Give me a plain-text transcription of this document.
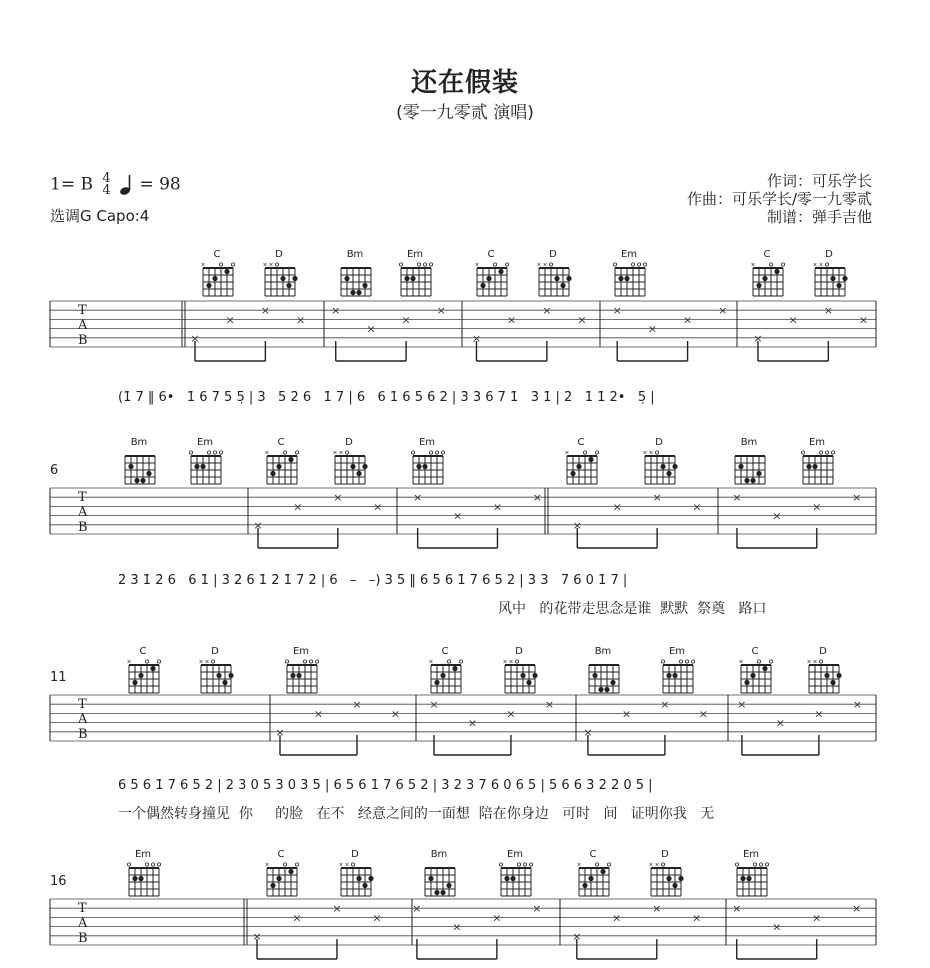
还在假装
(零一九零贰 演唱)
1= B 4
4 = 98
选调G Capo:4
作词：可乐学长
作曲：可乐学长/零一九零贰
制谱：弹手吉他
C
×
D
× ×
Bm	Em	C
×
D
× ×
Em	C
×
D
× ×
T
A
B	×
×
×
×
×
×
×
×
×
×
×
×
×
×
×
×
×
×
×
×
(1̇ 7 ‖ 6•   1̇ 6 7 5 5̣ | 3   5 2̇ 6   1̇ 7 | 6   6 1̇ 6 5 6 2̇ | 3̇ 3 6 7 1̇   3̇ 1̇ | 2̇   1̇ 1̇ 2̇•   5̣ |
6
Bm	Em	C
×
D
× ×
Em	C
×
D
× ×
Bm	Em
T
A
B	×
×
×
×
×
×
×
×
×
×
×
×
×
×
×
×
2̇ 3̇ 1̇ 2̇ 6   6 1̇ | 3̇ 2̇ 6 1̇ 2̇ 1̇ 7 2̇ | 6   –   –) 3 5 ‖ 6 5 6 1̇ 7 6 5 2 | 3 3   7 6 0 1̇ 7 |
风中   的花带走思念是谁  默默  祭奠   路口
11
C
×
D
× ×
Em	C
×
D
× ×
Bm	Em	C
×
D
× ×
T
A
B	×
×
×
×
×
×
×
×
×
×
×
×
×
×
×
×
6 5 6 1̇ 7 6 5 2 | 2 3 0 5 3 0 3 5 | 6 5 6 1̇ 7 6 5 2 | 3 2 3 7 6 0 6 5 | 5 6 6 3̇ 2̇ 2̇ 0 5 |
一个偶然转身撞见  你     的脸   在不   经意之间的一面想  陪在你身边   可时   间   证明你我   无
16
Em	C
×
D
× ×
Bm	Em	C
×
D
× ×
Em
T
A
B	×
×
×
×
×
×
×
×
×
×
×
×
×
×
×
×
